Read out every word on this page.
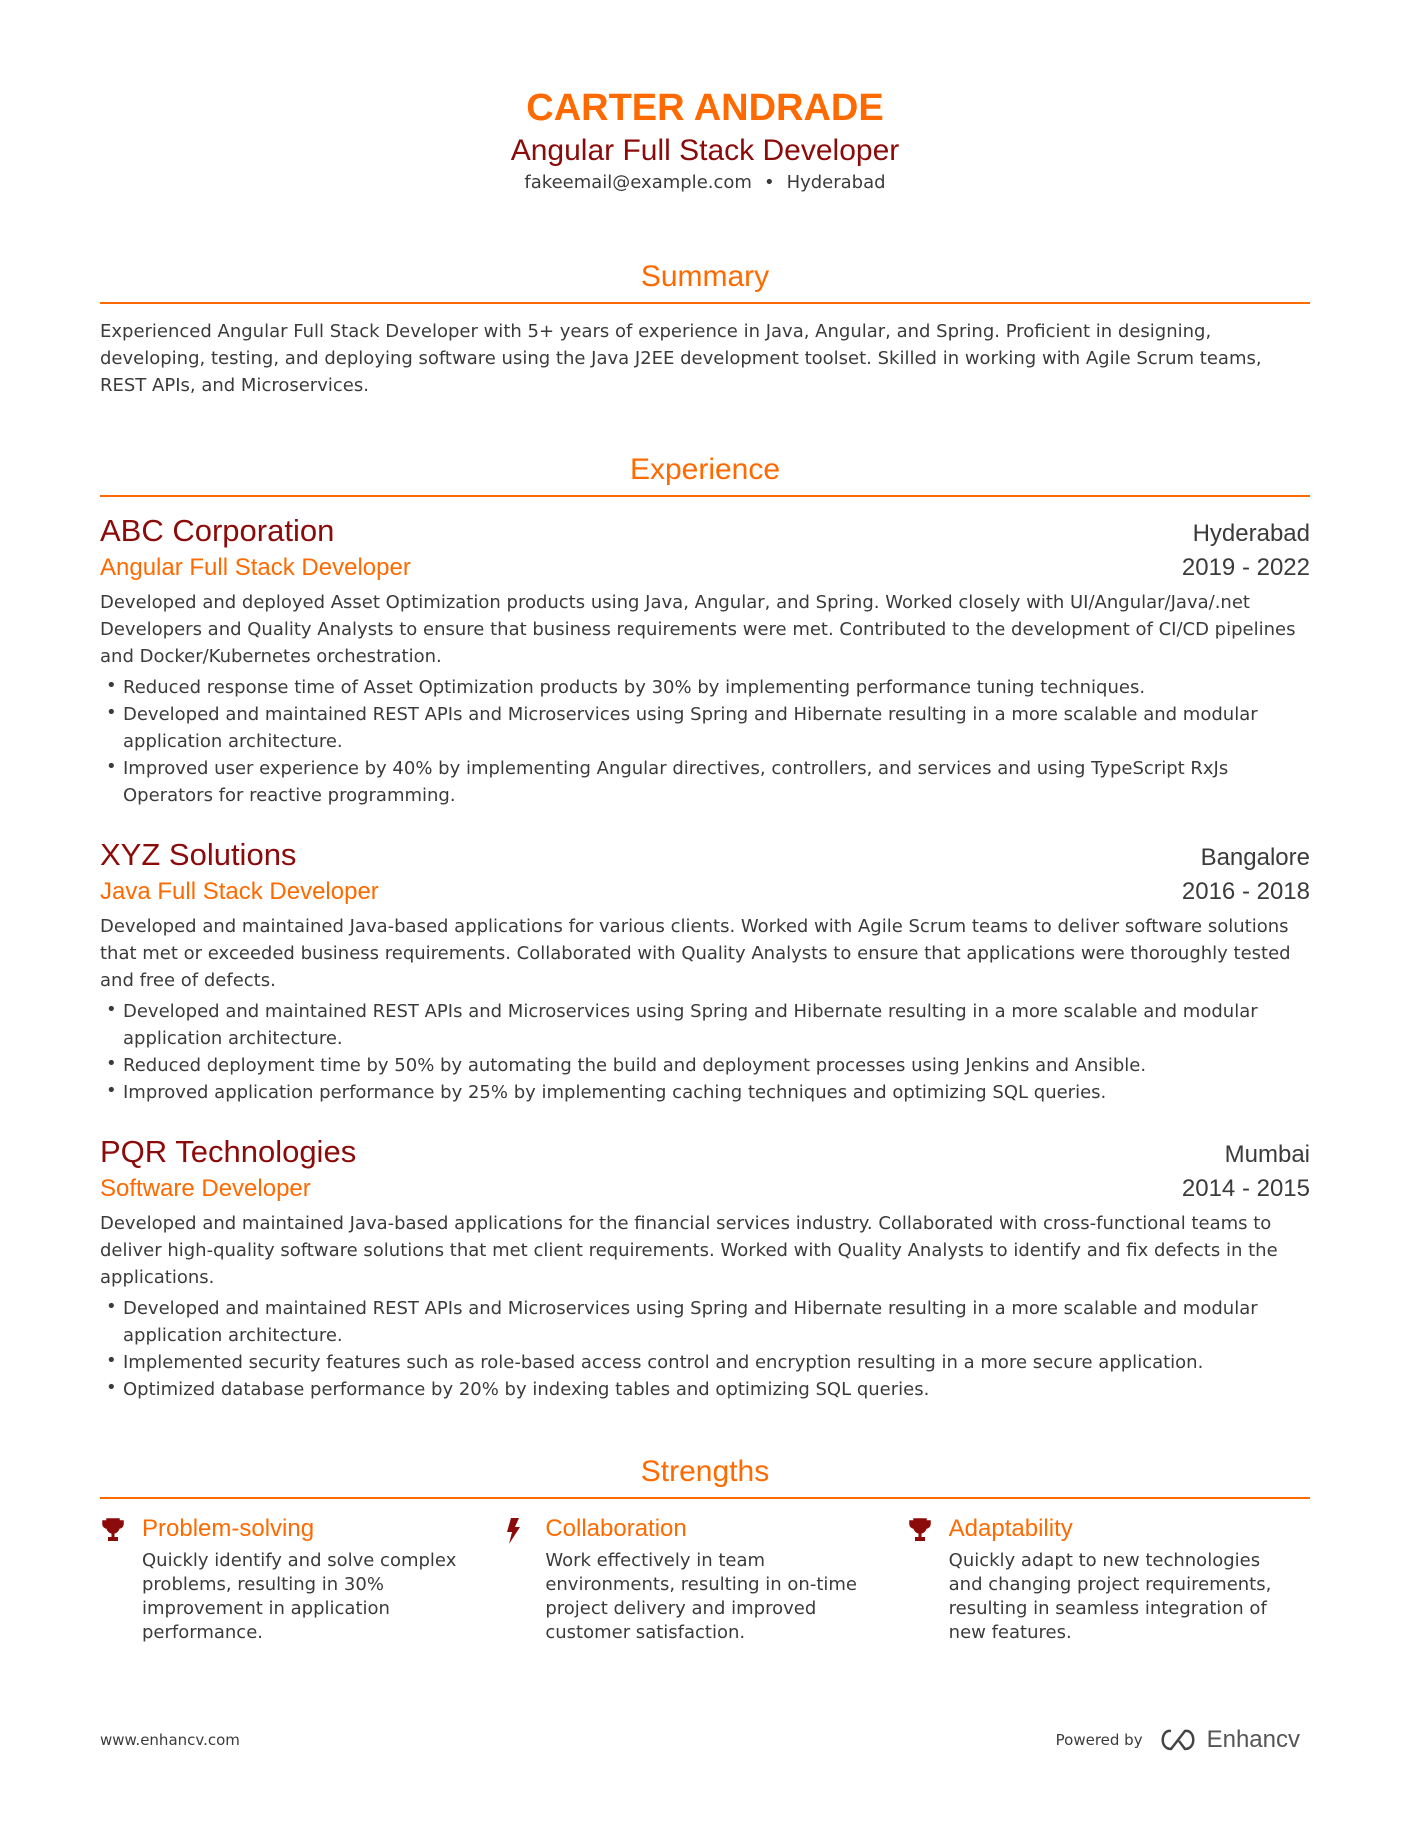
CARTER ANDRADE
Angular Full Stack Developer
fakeemail@example.com • Hyderabad
Summary
Experienced Angular Full Stack Developer with 5+ years of experience in Java, Angular, and Spring. Proficient in designing, developing, testing, and deploying software using the Java J2EE development toolset. Skilled in working with Agile Scrum teams, REST APIs, and Microservices.
Experience
ABC Corporation	Hyderabad
Angular Full Stack Developer	2019 - 2022
Developed and deployed Asset Optimization products using Java, Angular, and Spring. Worked closely with UI/Angular/Java/.net Developers and Quality Analysts to ensure that business requirements were met. Contributed to the development of CI/CD pipelines and Docker/Kubernetes orchestration.
• Reduced response time of Asset Optimization products by 30% by implementing performance tuning techniques.
• Developed and maintained REST APIs and Microservices using Spring and Hibernate resulting in a more scalable and modular application architecture.
• Improved user experience by 40% by implementing Angular directives, controllers, and services and using TypeScript RxJs Operators for reactive programming.
XYZ Solutions	Bangalore
Java Full Stack Developer	2016 - 2018
Developed and maintained Java-based applications for various clients. Worked with Agile Scrum teams to deliver software solutions that met or exceeded business requirements. Collaborated with Quality Analysts to ensure that applications were thoroughly tested and free of defects.
• Developed and maintained REST APIs and Microservices using Spring and Hibernate resulting in a more scalable and modular application architecture.
• Reduced deployment time by 50% by automating the build and deployment processes using Jenkins and Ansible.
• Improved application performance by 25% by implementing caching techniques and optimizing SQL queries.
PQR Technologies	Mumbai
Software Developer	2014 - 2015
Developed and maintained Java-based applications for the financial services industry. Collaborated with cross-functional teams to deliver high-quality software solutions that met client requirements. Worked with Quality Analysts to identify and fix defects in the applications.
• Developed and maintained REST APIs and Microservices using Spring and Hibernate resulting in a more scalable and modular application architecture.
• Implemented security features such as role-based access control and encryption resulting in a more secure application.
• Optimized database performance by 20% by indexing tables and optimizing SQL queries.
Strengths
Problem-solving
Quickly identify and solve complex problems, resulting in 30% improvement in application performance.
Collaboration
Work effectively in team environments, resulting in on-time project delivery and improved customer satisfaction.
Adaptability
Quickly adapt to new technologies and changing project requirements, resulting in seamless integration of new features.
www.enhancv.com	Powered by	Enhancv
